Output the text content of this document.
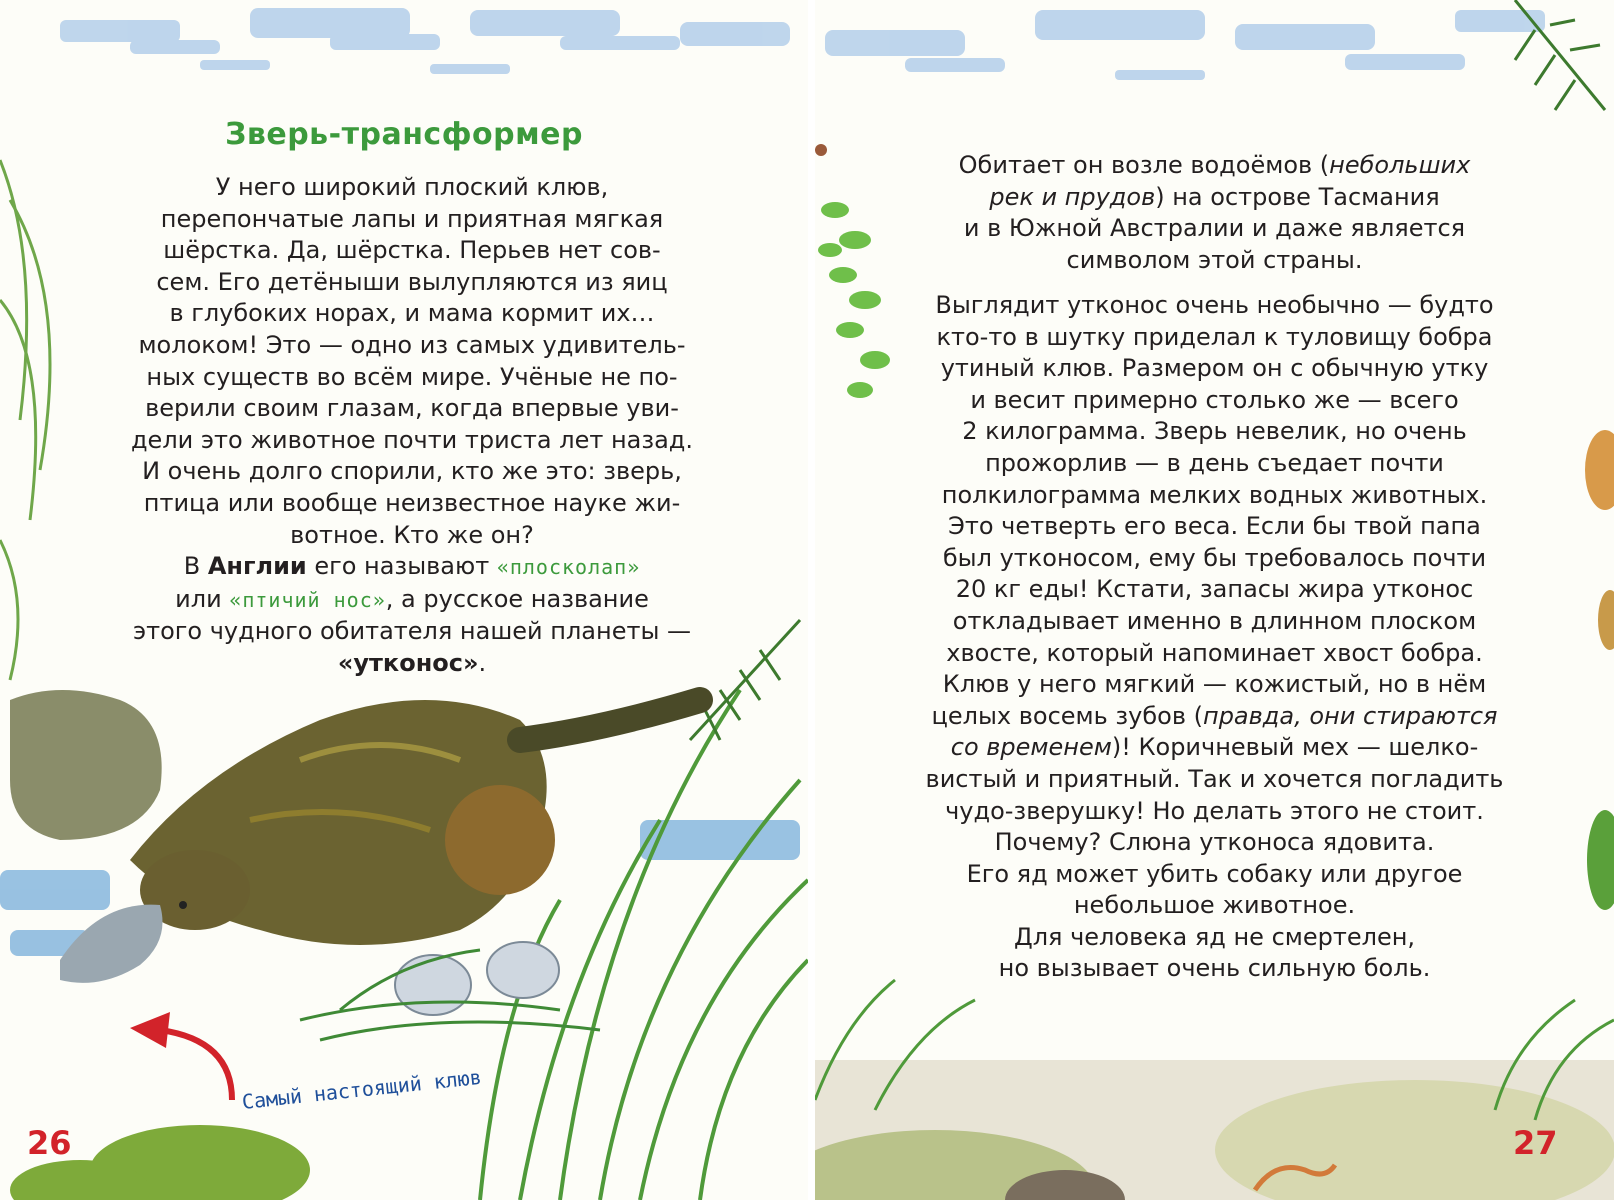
Зверь-трансформер
У него широкий плоский клюв,
перепончатые лапы и приятная мягкая
шёрстка. Да, шёрстка. Перьев нет сов-
сем. Его детёныши вылупляются из яиц
в глубоких норах, и мама кормит их…
молоком! Это — одно из самых удивитель-
ных существ во всём мире. Учёные не по-
верили своим глазам, когда впервые уви-
дели это животное почти триста лет назад.
И очень долго спорили, кто же это: зверь,
птица или вообще неизвестное науке жи-
вотное. Кто же он?
В Англии его называют «плосколап»
или «птичий нос», а русское название
этого чудного обитателя нашей планеты —
«утконос».
Самый настоящий клюв
26
Обитает он возле водоёмов (небольших
рек и прудов) на острове Тасмания
и в Южной Австралии и даже является
символом этой страны.
Выглядит утконос очень необычно — будто
кто-то в шутку приделал к туловищу бобра
утиный клюв. Размером он с обычную утку
и весит примерно столько же — всего
2 килограмма. Зверь невелик, но очень
прожорлив — в день съедает почти
полкилограмма мелких водных животных.
Это четверть его веса. Если бы твой папа
был утконосом, ему бы требовалось почти
20 кг еды! Кстати, запасы жира утконос
откладывает именно в длинном плоском
хвосте, который напоминает хвост бобра.
Клюв у него мягкий — кожистый, но в нём
целых восемь зубов (правда, они стираются
со временем)! Коричневый мех — шелко-
вистый и приятный. Так и хочется погладить
чудо-зверушку! Но делать этого не стоит.
Почему? Слюна утконоса ядовита.
Его яд может убить собаку или другое
небольшое животное.
Для человека яд не смертелен,
но вызывает очень сильную боль.
27
